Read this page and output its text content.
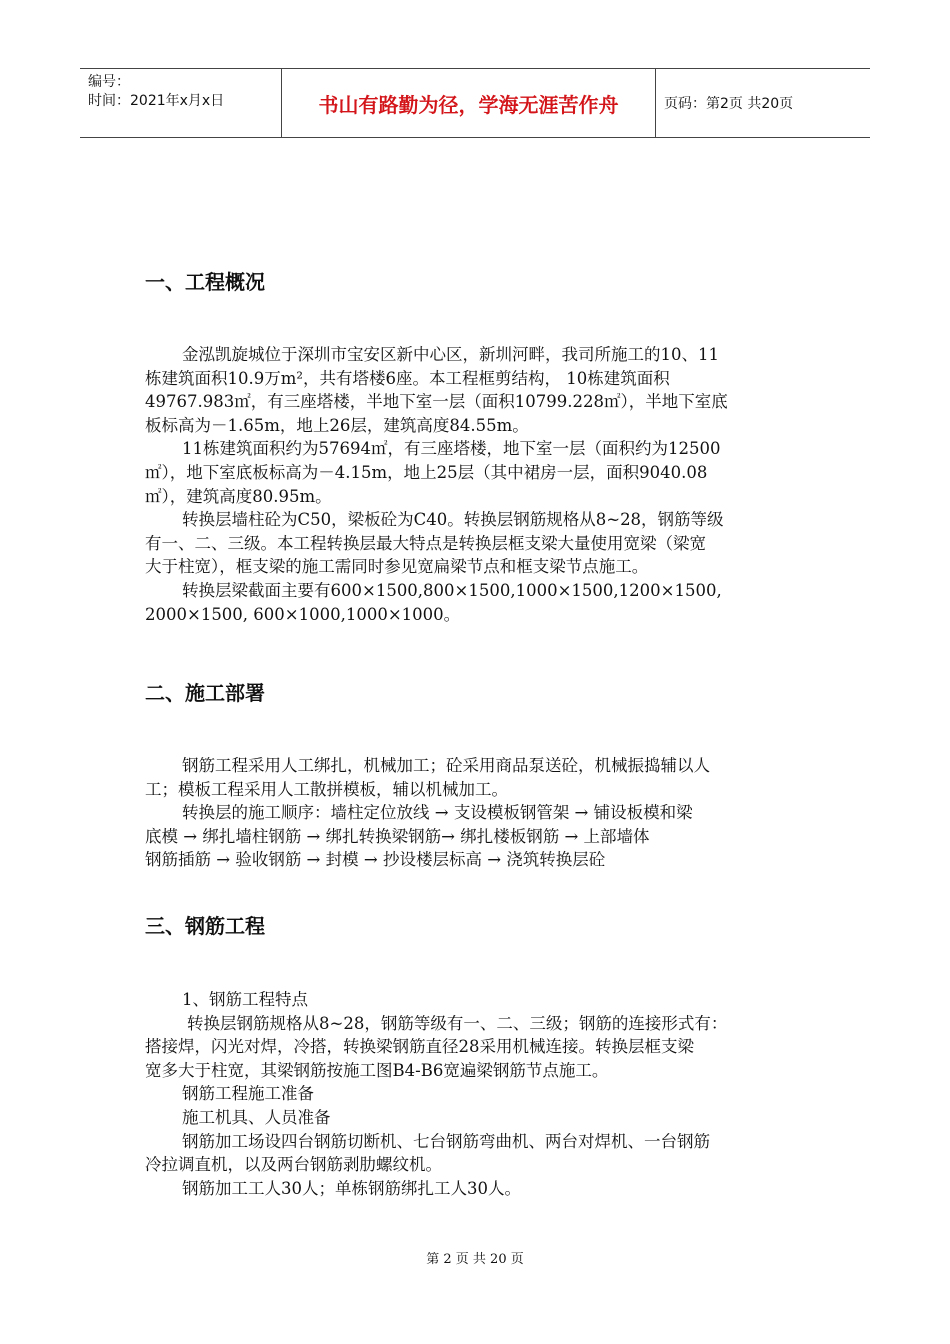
编号：
时间：2021年x月x日	书山有路勤为径，学海无涯苦作舟	页码：第2页 共20页
一、工程概况
金泓凯旋城位于深圳市宝安区新中心区，新圳河畔，我司所施工的10、11
栋建筑面积10.9万m²，共有塔楼6座。本工程框剪结构， 10栋建筑面积
49767.983㎡，有三座塔楼，半地下室一层（面积10799.228㎡），半地下室底
板标高为－1.65m，地上26层，建筑高度84.55m。
11栋建筑面积约为57694㎡，有三座塔楼，地下室一层（面积约为12500
㎡），地下室底板标高为－4.15m，地上25层（其中裙房一层，面积9040.08
㎡），建筑高度80.95m。
转换层墙柱砼为C50，梁板砼为C40。转换层钢筋规格从8~28，钢筋等级
有一、二、三级。本工程转换层最大特点是转换层框支梁大量使用宽梁（梁宽
大于柱宽），框支梁的施工需同时参见宽扁梁节点和框支梁节点施工。
转换层梁截面主要有600×1500,800×1500,1000×1500,1200×1500,
2000×1500, 600×1000,1000×1000。
二、施工部署
钢筋工程采用人工绑扎，机械加工；砼采用商品泵送砼，机械振捣辅以人
工；模板工程采用人工散拼模板，辅以机械加工。
转换层的施工顺序：墙柱定位放线 → 支设模板钢管架 → 铺设板模和梁
底模 → 绑扎墙柱钢筋 → 绑扎转换梁钢筋→ 绑扎楼板钢筋 → 上部墙体
钢筋插筋 → 验收钢筋 → 封模 → 抄设楼层标高 → 浇筑转换层砼
三、钢筋工程
1、钢筋工程特点
转换层钢筋规格从8~28，钢筋等级有一、二、三级；钢筋的连接形式有：
搭接焊，闪光对焊，冷搭，转换梁钢筋直径28采用机械连接。转换层框支梁
宽多大于柱宽，其梁钢筋按施工图B4-B6宽遍梁钢筋节点施工。
钢筋工程施工准备
施工机具、人员准备
钢筋加工场设四台钢筋切断机、七台钢筋弯曲机、两台对焊机、一台钢筋
冷拉调直机，以及两台钢筋剥肋螺纹机。
钢筋加工工人30人；单栋钢筋绑扎工人30人。
第 2 页 共 20 页
